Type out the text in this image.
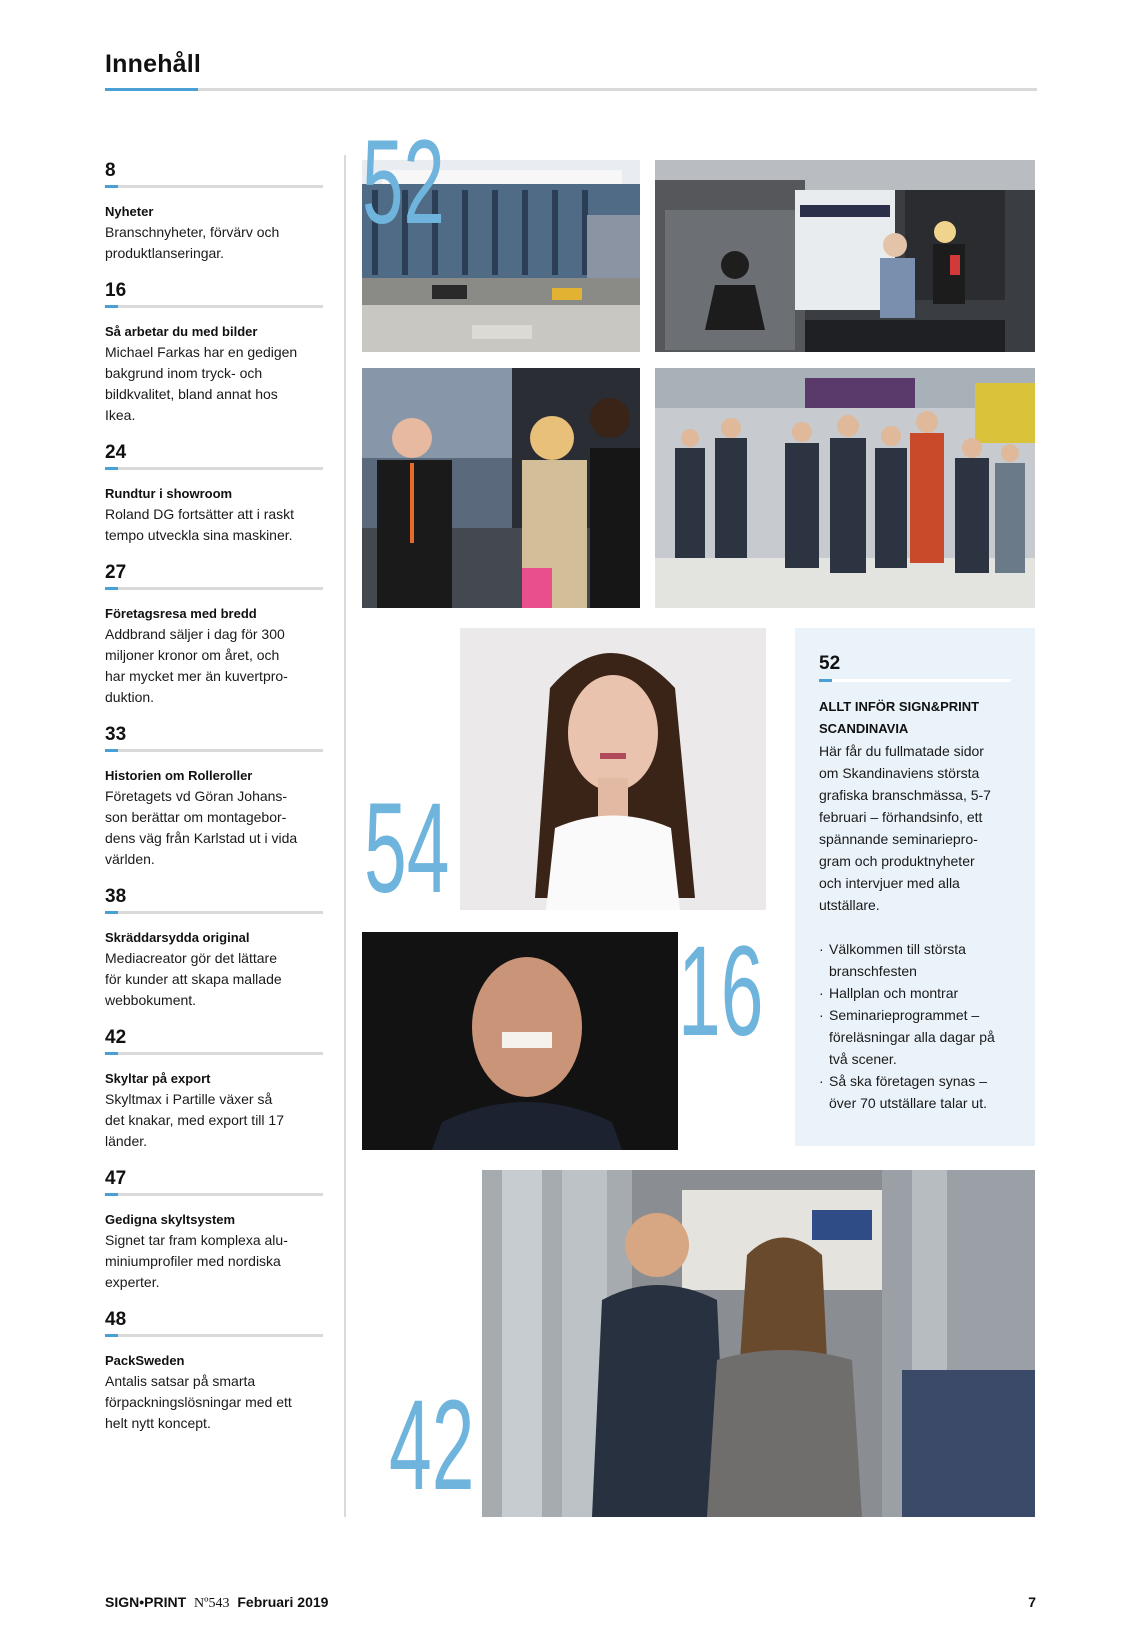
Innehåll
8
Nyheter
Branschnyheter, förvärv och
produktlanseringar.
16
Så arbetar du med bilder
Michael Farkas har en gedigen
bakgrund inom tryck- och
bildkvalitet, bland annat hos
Ikea.
24
Rundtur i showroom
Roland DG fortsätter att i raskt
tempo utveckla sina maskiner.
27
Företagsresa med bredd
Addbrand säljer i dag för 300
miljoner kronor om året, och
har mycket mer än kuvertpro-
duktion.
33
Historien om Rolleroller
Företagets vd Göran Johans-
son berättar om montagebor-
dens väg från Karlstad ut i vida
världen.
38
Skräddarsydda original
Mediacreator gör det lättare
för kunder att skapa mallade
webbokument.
42
Skyltar på export
Skyltmax i Partille växer så
det knakar, med export till 17
länder.
47
Gedigna skyltsystem
Signet tar fram komplexa alu-
miniumprofiler med nordiska
experter.
48
PackSweden
Antalis satsar på smarta
förpackningslösningar med ett
helt nytt koncept.
52
54
16
42
52
ALLT INFÖR SIGN&PRINT
SCANDINAVIA
Här får du fullmatade sidor
om Skandinaviens största
grafiska branschmässa, 5-7
februari – förhandsinfo, ett
spännande seminariepro-
gram och produktnyheter
och intervjuer med alla
utställare.
· Välkommen till största
branschfesten
· Hallplan och montrar
· Seminarieprogrammet –
föreläsningar alla dagar på
två scener.
· Så ska företagen synas –
över 70 utställare talar ut.
SIGN•PRINT Nº543 Februari 2019	7
